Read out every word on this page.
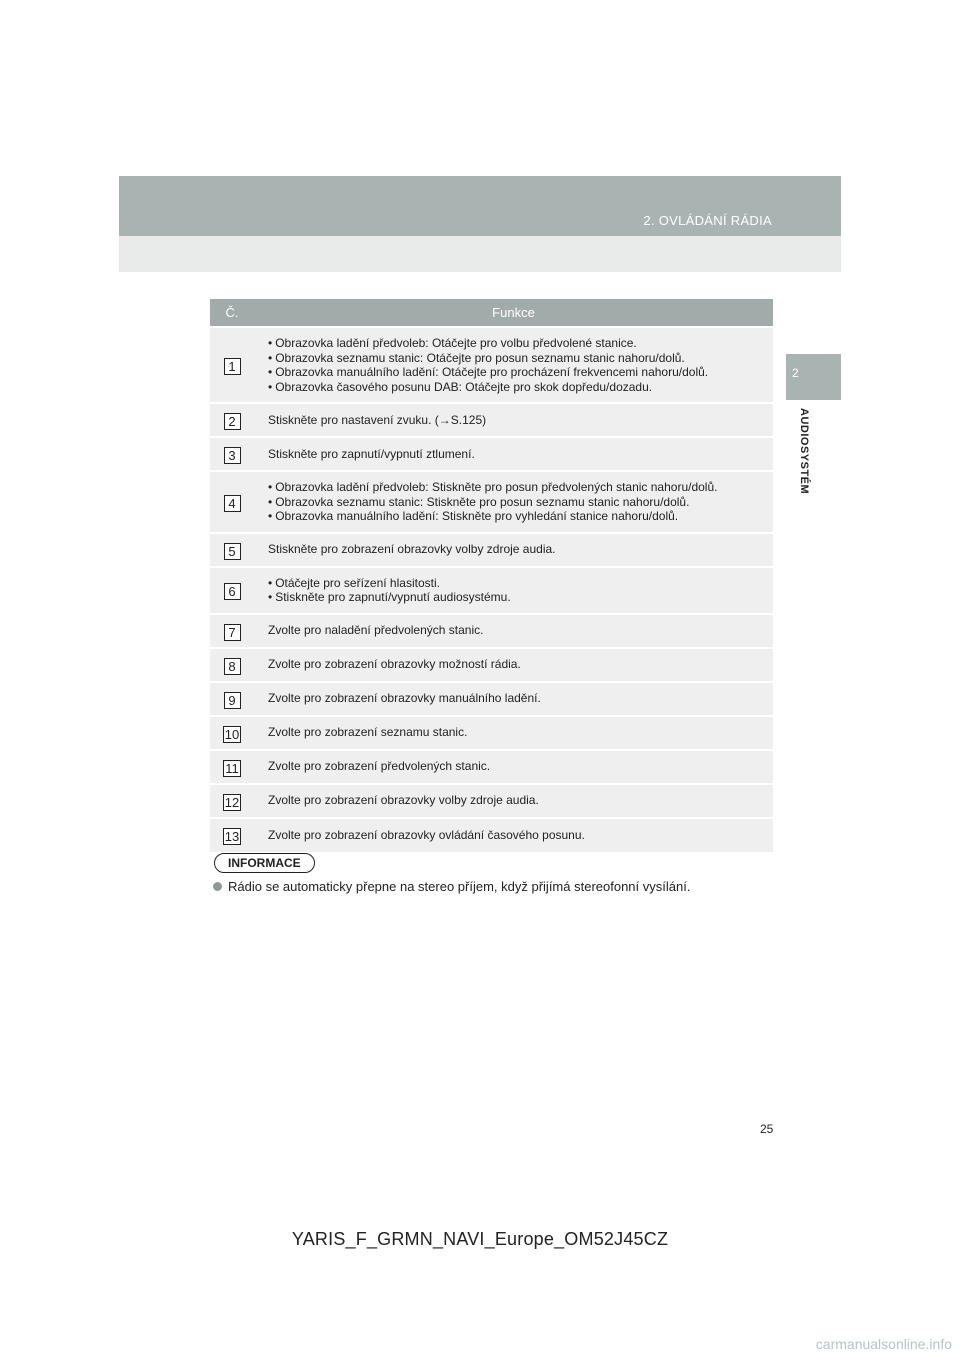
2. OVLÁDÁNÍ RÁDIA
2
AUDIOSYSTÉM
Č.	Funkce
1	• Obrazovka ladění předvoleb: Otáčejte pro volbu předvolené stanice.
• Obrazovka seznamu stanic: Otáčejte pro posun seznamu stanic nahoru/dolů.
• Obrazovka manuálního ladění: Otáčejte pro procházení frekvencemi nahoru/dolů.
• Obrazovka časového posunu DAB: Otáčejte pro skok dopředu/dozadu.

2	Stiskněte pro nastavení zvuku. (→S.125)
3	Stiskněte pro zapnutí/vypnutí ztlumení.
4	• Obrazovka ladění předvoleb: Stiskněte pro posun předvolených stanic nahoru/dolů.
• Obrazovka seznamu stanic: Stiskněte pro posun seznamu stanic nahoru/dolů.
• Obrazovka manuálního ladění: Stiskněte pro vyhledání stanice nahoru/dolů.

5	Stiskněte pro zobrazení obrazovky volby zdroje audia.
6	• Otáčejte pro seřízení hlasitosti.
• Stiskněte pro zapnutí/vypnutí audiosystému.

7	Zvolte pro naladění předvolených stanic.
8	Zvolte pro zobrazení obrazovky možností rádia.
9	Zvolte pro zobrazení obrazovky manuálního ladění.
10	Zvolte pro zobrazení seznamu stanic.
11	Zvolte pro zobrazení předvolených stanic.
12	Zvolte pro zobrazení obrazovky volby zdroje audia.
13	Zvolte pro zobrazení obrazovky ovládání časového posunu.
INFORMACE
Rádio se automaticky přepne na stereo příjem, když přijímá stereofonní vysílání.
25
YARIS_F_GRMN_NAVI_Europe_OM52J45CZ
carmanualsonline.info
